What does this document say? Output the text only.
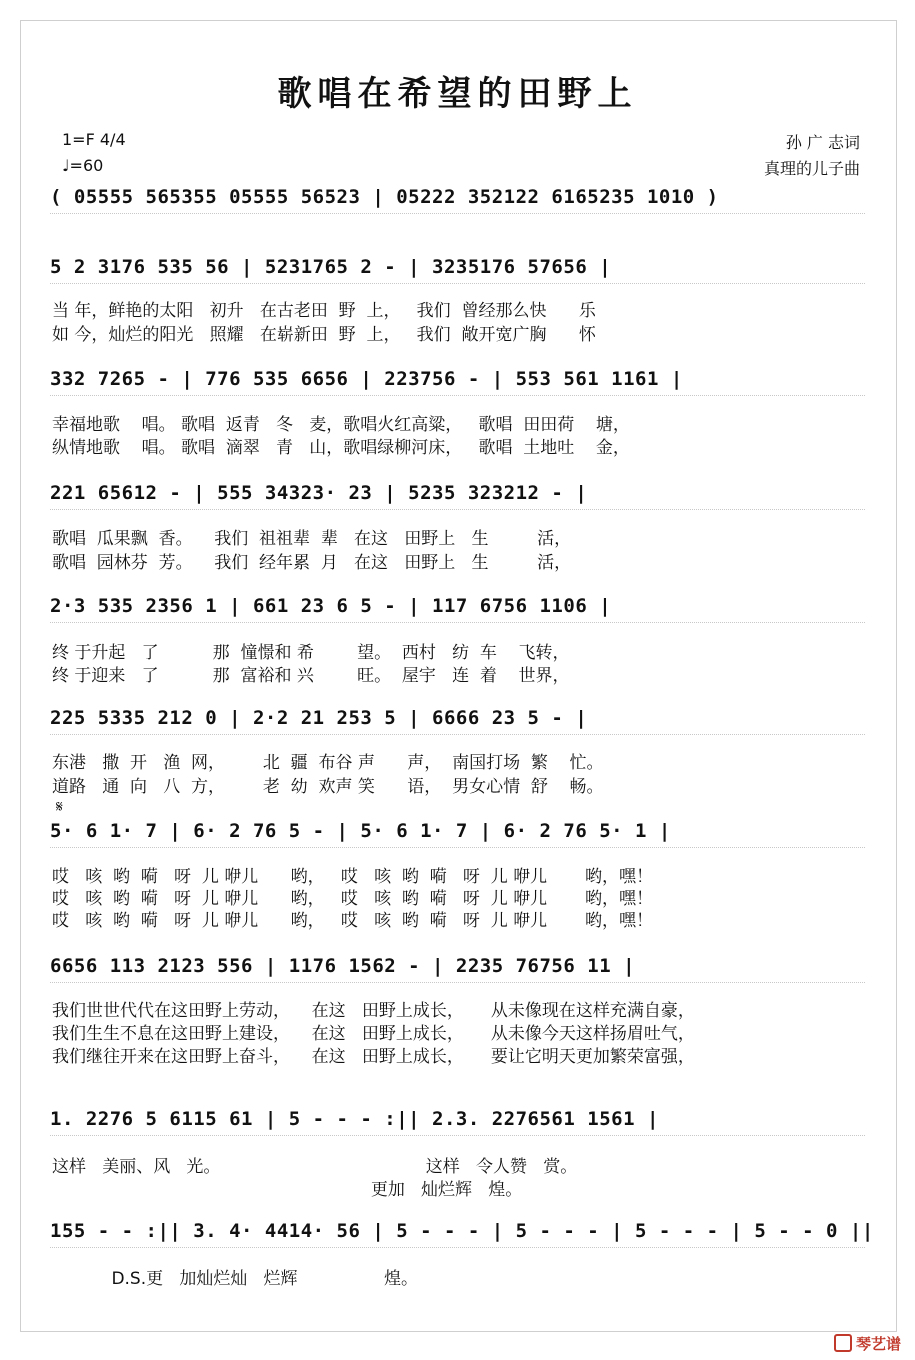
歌唱在希望的田野上
1=F 4/4
♩=60
孙 广 志词
真理的儿子曲
( 05555 565355 05555 56523 | 05222 352122 6165235 1010 )
5 2 3176 535 56 | 5231765 2 - | 3235176 57656 |
当 年，鲜艳的太阳   初升   在古老田  野  上，   我们  曾经那么快      乐
如 今，灿烂的阳光   照耀   在崭新田  野  上，   我们  敞开宽广胸      怀
332 7265 - | 776 535 6656 | 223756 - | 553 561 1161 |
幸福地歌    唱。 歌唱  返青   冬   麦，歌唱火红高粱，   歌唱  田田荷    塘，
纵情地歌    唱。 歌唱  滴翠   青   山，歌唱绿柳河床，   歌唱  土地吐    金，
221 65612 - | 555 34323· 23 | 5235 323212 - |
歌唱  瓜果飘  香。    我们  祖祖辈  辈   在这   田野上   生         活，
歌唱  园林芬  芳。    我们  经年累  月   在这   田野上   生         活，
2·3 535 2356 1 | 661 23 6 5 - | 117 6756 1106 |
终 于升起   了          那  憧憬和 希        望。  西村   纺  车    飞转，
终 于迎来   了          那  富裕和 兴        旺。  屋宇   连  着    世界，
225 5335 212 0 | 2·2 21 253 5 | 6666 23 5 - |
东港   撒  开   渔  网，       北  疆  布谷 声      声，  南国打场  繁    忙。
道路   通  向   八  方，       老  幼  欢声 笑      语，  男女心情  舒    畅。
𝄋
5· 6 1· 7 | 6· 2 76 5 - | 5· 6 1· 7 | 6· 2 76 5· 1 |
哎   咳  哟  嗬   呀  儿 咿儿      哟，   哎   咳  哟  嗬   呀  儿 咿儿       哟，嘿！
哎   咳  哟  嗬   呀  儿 咿儿      哟，   哎   咳  哟  嗬   呀  儿 咿儿       哟，嘿！
哎   咳  哟  嗬   呀  儿 咿儿      哟，   哎   咳  哟  嗬   呀  儿 咿儿       哟，嘿！
6656 113 2123 556 | 1176 1562 - | 2235 76756 11 |
我们世世代代在这田野上劳动，    在这   田野上成长，     从未像现在这样充满自豪，
我们生生不息在这田野上建设，    在这   田野上成长，     从未像今天这样扬眉吐气，
我们继往开来在这田野上奋斗，    在这   田野上成长，     要让它明天更加繁荣富强，
1. 2276 5 6115 61 | 5 - - - :|| 2.3. 2276561 1561 |
这样   美丽、风   光。                                      这样   令人赞   赏。
更加   灿烂辉   煌。
155 - - :|| 3. 4· 4414· 56 | 5 - - - | 5 - - - | 5 - - - | 5 - - 0 ||
D.S.更   加灿烂灿   烂辉                煌。
琴艺谱
